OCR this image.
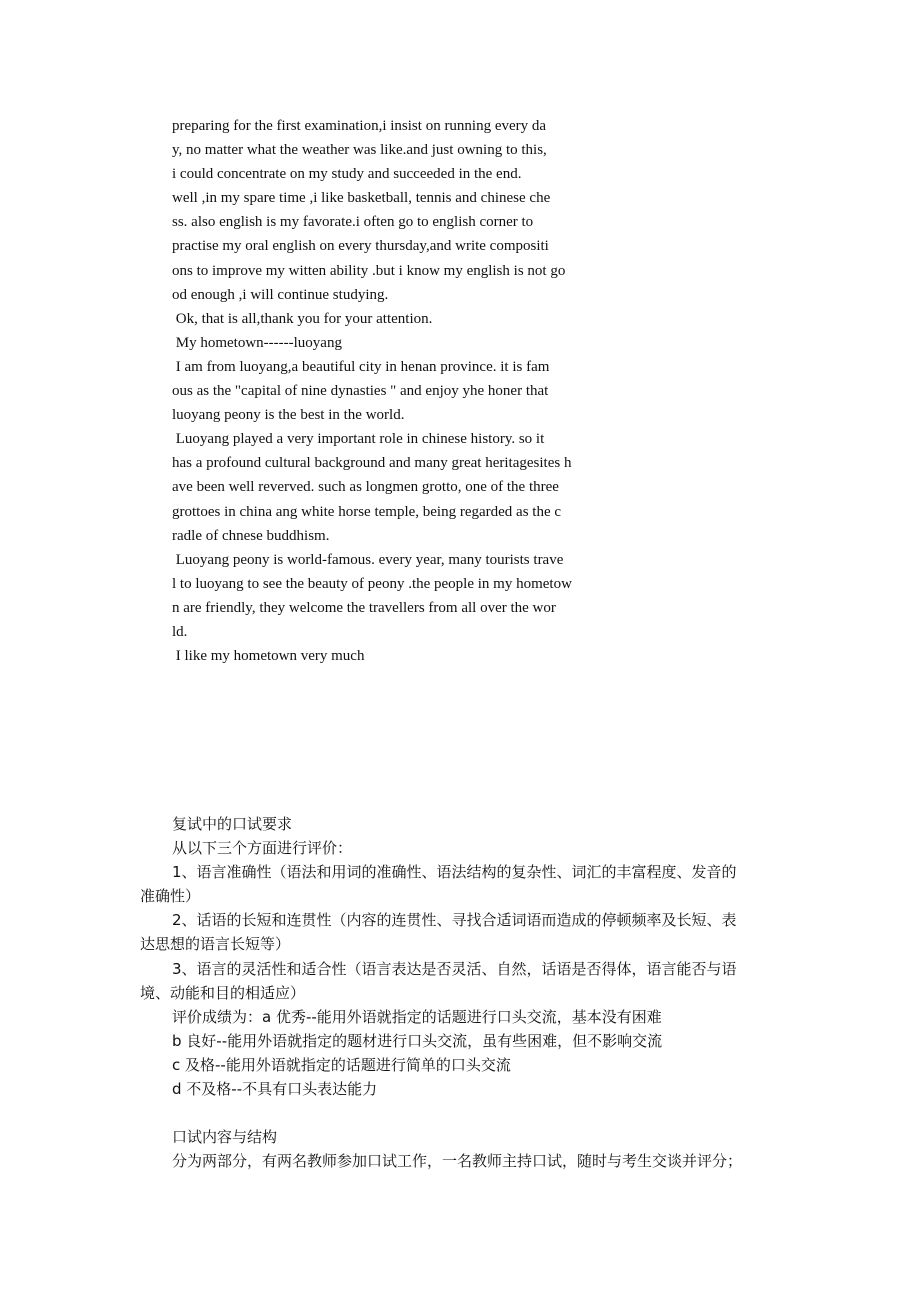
preparing for the first examination,i insist on running every da
y, no matter what the weather was like.and just owning to this,
i could concentrate on my study and succeeded in the end.
well ,in my spare time ,i like basketball, tennis and chinese che
ss. also english is my favorate.i often go to english corner to
practise my oral english on every thursday,and write compositi
ons to improve my witten ability .but i know my english is not go
od enough ,i will continue studying.
Ok, that is all,thank you for your attention.
My hometown------luoyang
I am from luoyang,a beautiful city in henan province. it is fam
ous as the "capital of nine dynasties " and enjoy yhe honer that
luoyang peony is the best in the world.
Luoyang played a very important role in chinese history. so it
has a profound cultural background and many great heritagesites h
ave been well reverved. such as longmen grotto, one of the three
grottoes in china ang white horse temple, being regarded as the c
radle of chnese buddhism.
Luoyang peony is world-famous. every year, many tourists trave
l to luoyang to see the beauty of peony .the people in my hometow
n are friendly, they welcome the travellers from all over the wor
ld.
I like my hometown very much
复试中的口试要求
从以下三个方面进行评价：
1、语言准确性（语法和用词的准确性、语法结构的复杂性、词汇的丰富程度、发音的
准确性）
2、话语的长短和连贯性（内容的连贯性、寻找合适词语而造成的停顿频率及长短、表
达思想的语言长短等）
3、语言的灵活性和适合性（语言表达是否灵活、自然，话语是否得体，语言能否与语
境、动能和目的相适应）
评价成绩为：a 优秀--能用外语就指定的话题进行口头交流，基本没有困难
b 良好--能用外语就指定的题材进行口头交流，虽有些困难，但不影响交流
c 及格--能用外语就指定的话题进行简单的口头交流
d 不及格--不具有口头表达能力
口试内容与结构
分为两部分，有两名教师参加口试工作，一名教师主持口试，随时与考生交谈并评分；
